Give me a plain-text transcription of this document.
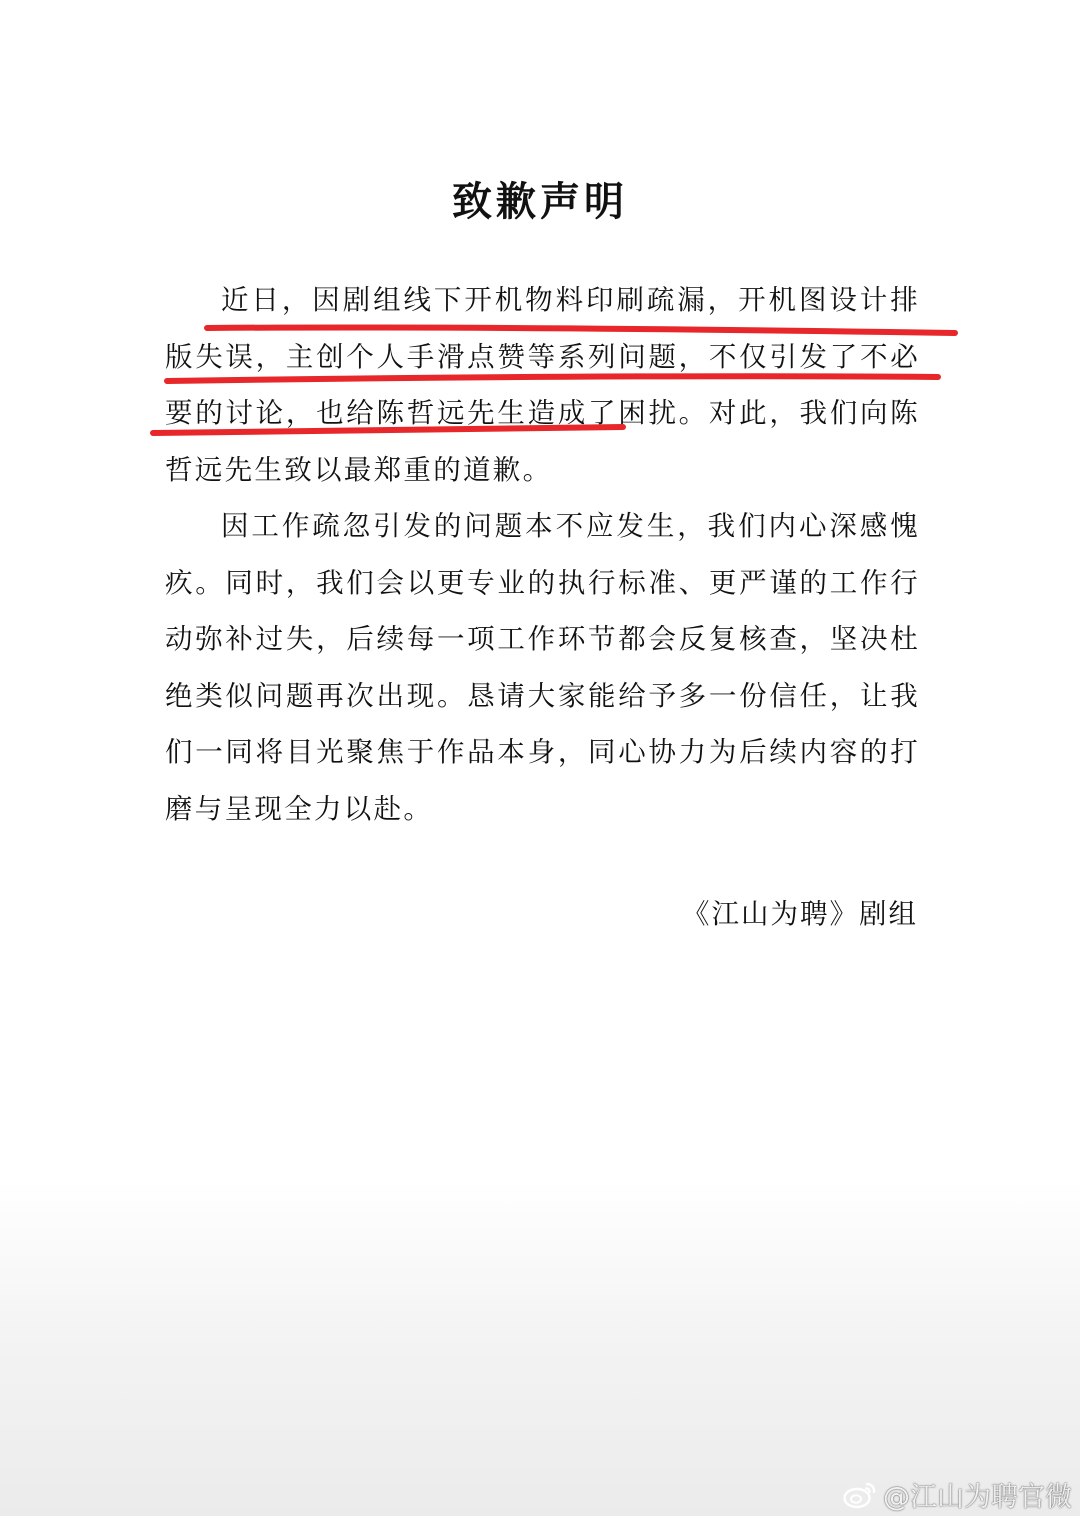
致歉声明

近日，因剧组线下开机物料印刷疏漏，开机图设计排版失误，主创个人手滑点赞等系列问题，不仅引发了不必要的讨论，也给陈哲远先生造成了困扰。对此，我们向陈哲远先生致以最郑重的道歉。

因工作疏忽引发的问题本不应发生，我们内心深感愧疚。同时，我们会以更专业的执行标准、更严谨的工作行动弥补过失，后续每一项工作环节都会反复核查，坚决杜绝类似问题再次出现。恳请大家能给予多一份信任，让我们一同将目光聚焦于作品本身，同心协力为后续内容的打磨与呈现全力以赴。

《江山为聘》剧组

@江山为聘官微
